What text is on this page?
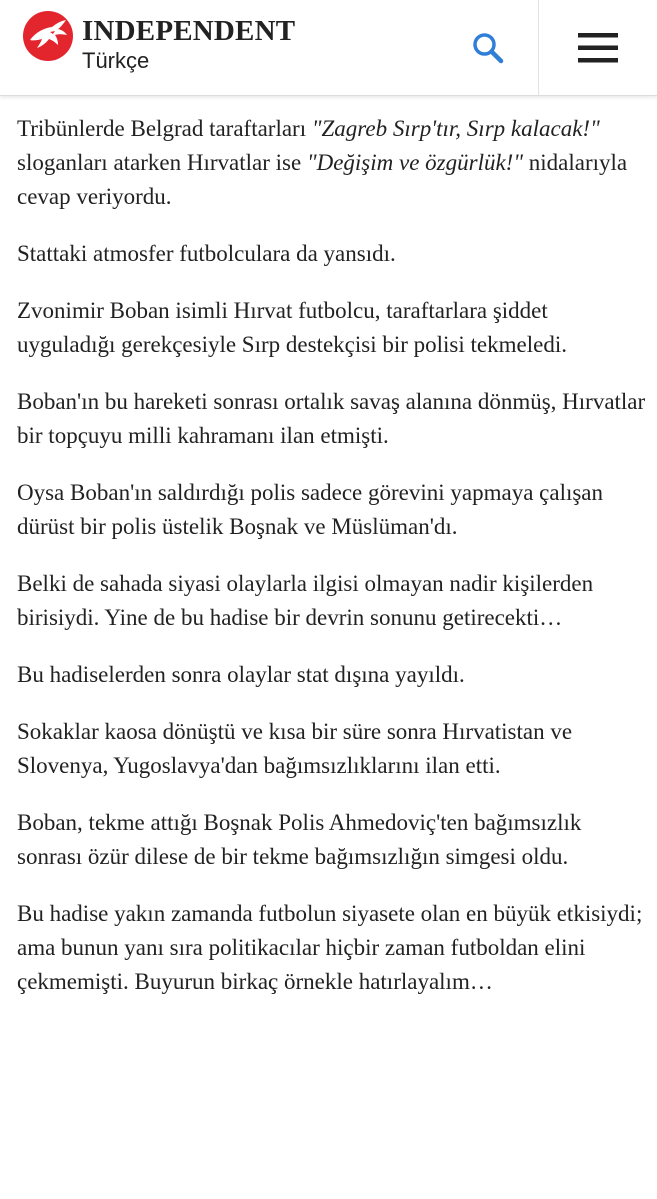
INDEPENDENT
Türkçe

Tribünlerde Belgrad taraftarları "Zagreb Sırp'tır, Sırp kalacak!" sloganları atarken Hırvatlar ise "Değişim ve özgürlük!" nidalarıyla cevap veriyordu.

Stattaki atmosfer futbolculara da yansıdı.

Zvonimir Boban isimli Hırvat futbolcu, taraftarlara şiddet uyguladığı gerekçesiyle Sırp destekçisi bir polisi tekmeledi.

Boban'ın bu hareketi sonrası ortalık savaş alanına dönmüş, Hırvatlar bir topçuyu milli kahramanı ilan etmişti.

Oysa Boban'ın saldırdığı polis sadece görevini yapmaya çalışan dürüst bir polis üstelik Boşnak ve Müslüman'dı.

Belki de sahada siyasi olaylarla ilgisi olmayan nadir kişilerden birisiydi. Yine de bu hadise bir devrin sonunu getirecekti…

Bu hadiselerden sonra olaylar stat dışına yayıldı.

Sokaklar kaosa dönüştü ve kısa bir süre sonra Hırvatistan ve Slovenya, Yugoslavya'dan bağımsızlıklarını ilan etti.

Boban, tekme attığı Boşnak Polis Ahmedoviç'ten bağımsızlık sonrası özür dilese de bir tekme bağımsızlığın simgesi oldu.

Bu hadise yakın zamanda futbolun siyasete olan en büyük etkisiydi; ama bunun yanı sıra politikacılar hiçbir zaman futboldan elini çekmemişti. Buyurun birkaç örnekle hatırlayalım…
